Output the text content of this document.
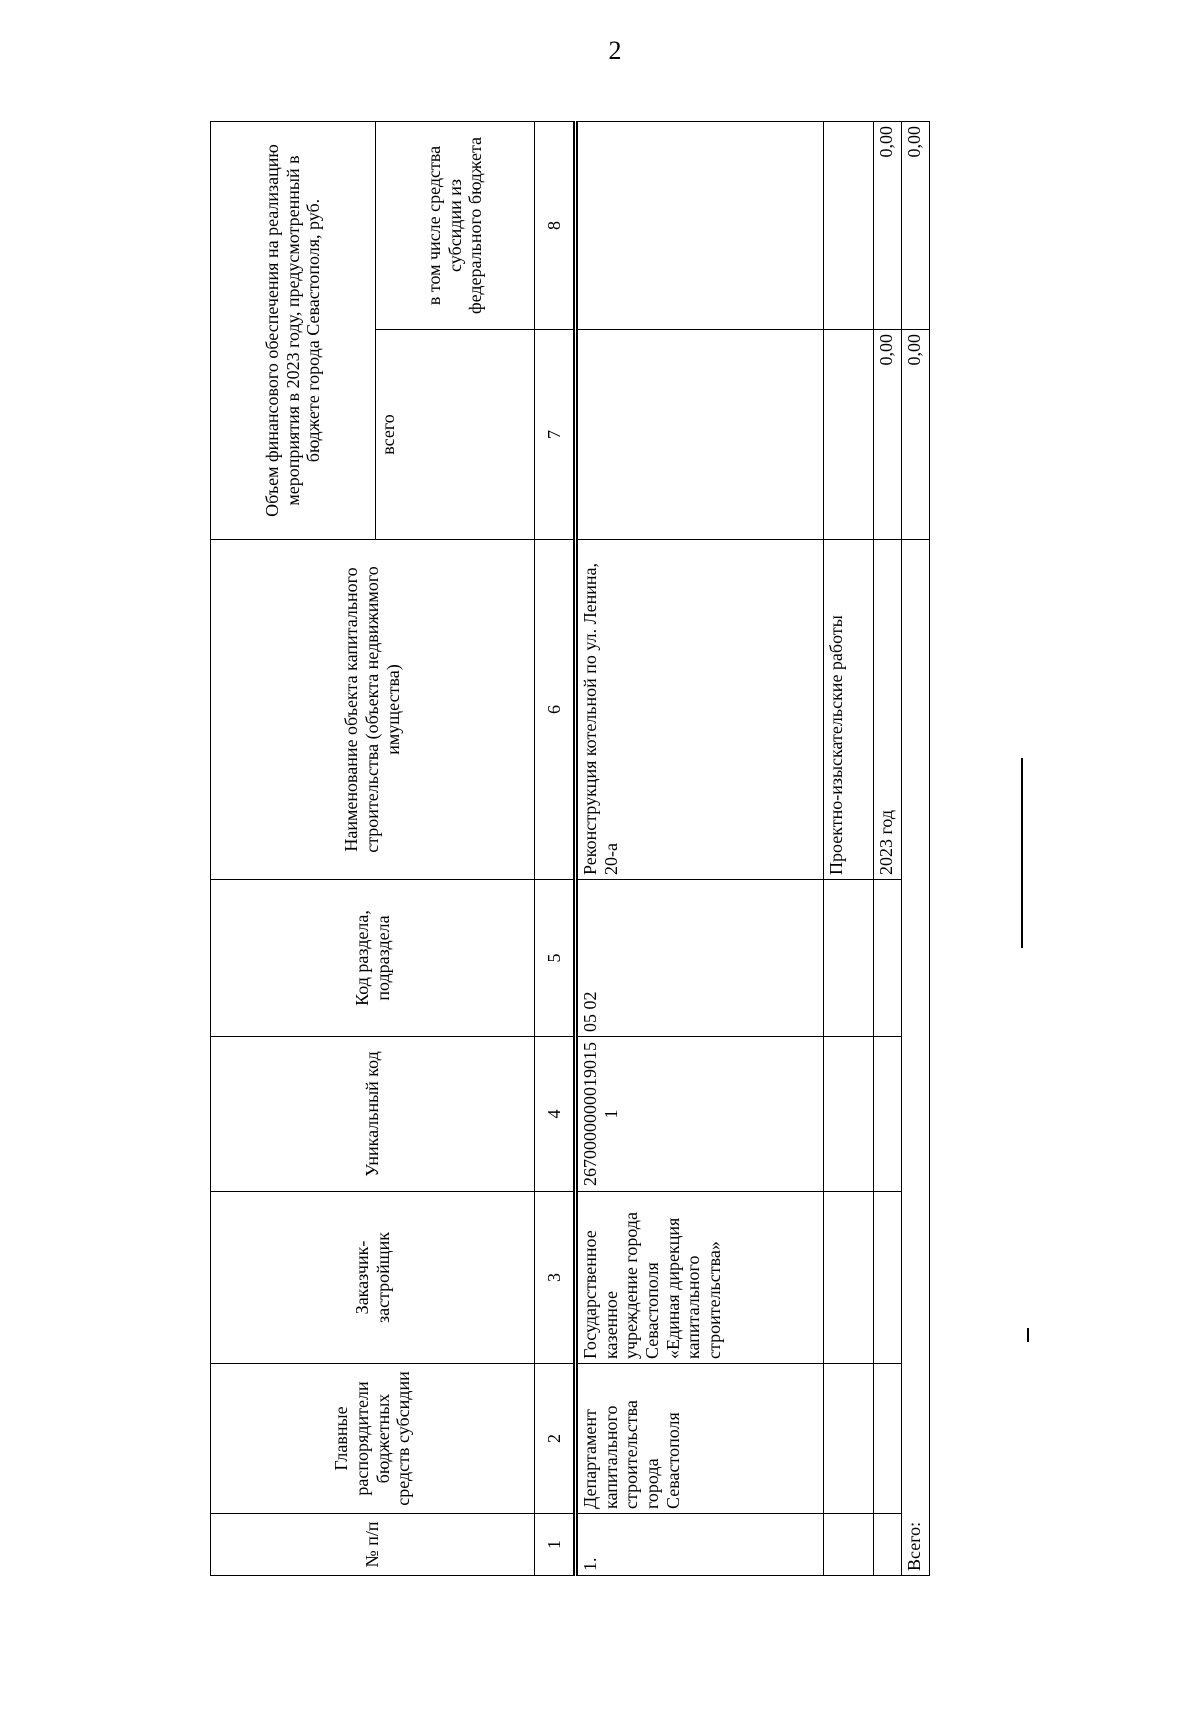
2
№ п/п	Главные распорядители бюджетных средств субсидии	Заказчик-застройщик	Уникальный код	Код раздела, подраздела	Наименование объекта капитального строительства (объекта недвижимого имущества)	Объем финансового обеспечения на реализацию мероприятия в 2023 году, предусмотренный в бюджете города Севастополя, руб.	
						всего	в том числе средства субсидии из федерального бюджета
1	2	3	4	5	6	7	8
1.	Департамент капитального строительства города Севастополя	Государственное казенное учреждение города Севастополя «Единая дирекция капитального строительства»	26700000000190151	05 02	Реконструкция котельной по ул. Ленина, 20-а		
					Проектно-изыскательские работы		
					2023 год	0,00	0,00
Всего:						0,00	0,00
